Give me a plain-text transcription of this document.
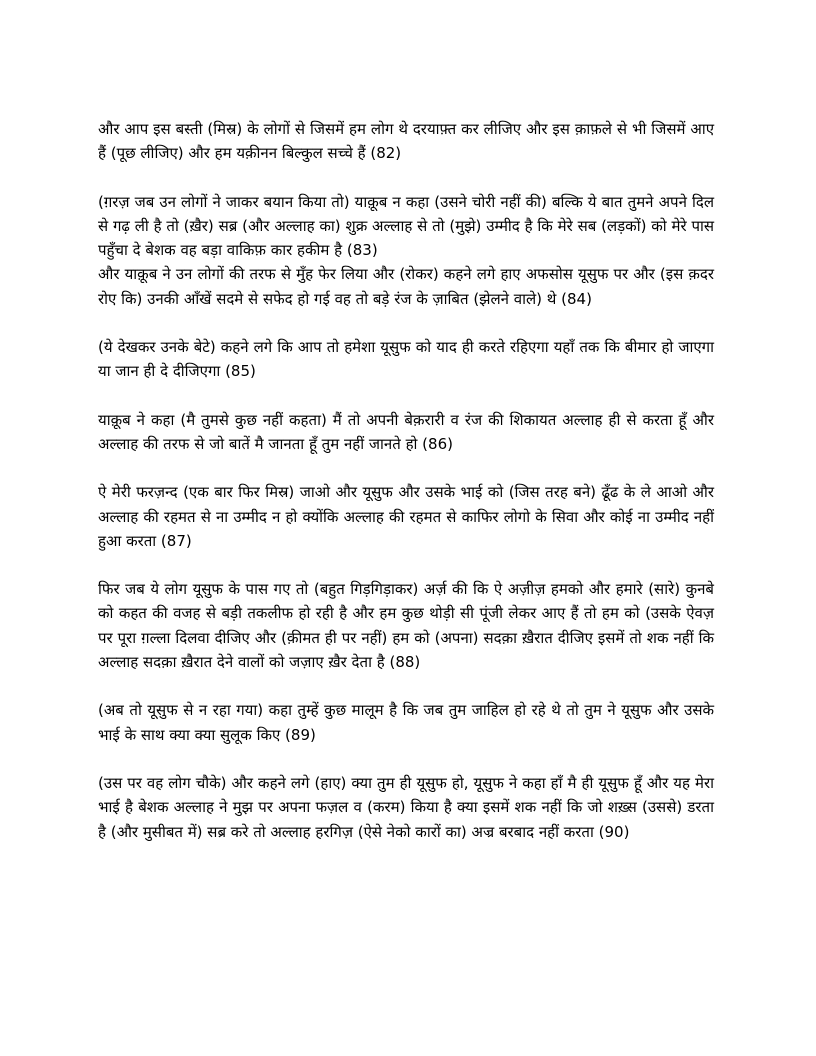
और आप इस बस्ती (मिस्र) के लोगों से जिसमें हम लोग थे दरयाफ़्त कर लीजिए और इस क़ाफ़ले से भी जिसमें आए हैं (पूछ लीजिए) और हम यक़ीनन बिल्कुल सच्चे हैं (82)

(ग़रज़ जब उन लोगों ने जाकर बयान किया तो) याक़ूब न कहा (उसने चोरी नहीं की) बल्कि ये बात तुमने अपने दिल से गढ़ ली है तो (ख़ैर) सब्र (और अल्लाह का) शुक्र अल्लाह से तो (मुझे) उम्मीद है कि मेरे सब (लड़कों) को मेरे पास पहुँचा दे बेशक वह बड़ा वाकिफ़ कार हकीम है (83)

और याक़ूब ने उन लोगों की तरफ से मुँह फेर लिया और (रोकर) कहने लगे हाए अफसोस यूसुफ पर और (इस क़दर रोए कि) उनकी आँखें सदमे से सफेद हो गई वह तो बड़े रंज के ज़ाबित (झेलने वाले) थे (84)

(ये देखकर उनके बेटे) कहने लगे कि आप तो हमेशा यूसुफ को याद ही करते रहिएगा यहाँ तक कि बीमार हो जाएगा या जान ही दे दीजिएगा (85)

याक़ूब ने कहा (मै तुमसे कुछ नहीं कहता) मैं तो अपनी बेक़रारी व रंज की शिकायत अल्लाह ही से करता हूँ और अल्लाह की तरफ से जो बातें मै जानता हूँ तुम नहीं जानते हो (86)

ऐ मेरी फरज़न्द (एक बार फिर मिस्र) जाओ और यूसुफ और उसके भाई को (जिस तरह बने) ढूँढ के ले आओ और अल्लाह की रहमत से ना उम्मीद न हो क्योंकि अल्लाह की रहमत से काफिर लोगो के सिवा और कोई ना उम्मीद नहीं हुआ करता (87)

फिर जब ये लोग यूसुफ के पास गए तो (बहुत गिड़गिड़ाकर) अर्ज़ की कि ऐ अज़ीज़ हमको और हमारे (सारे) कुनबे को कहत की वजह से बड़ी तकलीफ हो रही है और हम कुछ थोड़ी सी पूंजी लेकर आए हैं तो हम को (उसके ऐवज़ पर पूरा ग़ल्ला दिलवा दीजिए और (क़ीमत ही पर नहीं) हम को (अपना) सदक़ा ख़ैरात दीजिए इसमें तो शक नहीं कि अल्लाह सदक़ा ख़ैरात देने वालों को जज़ाए ख़ैर देता है (88)

(अब तो यूसुफ से न रहा गया) कहा तुम्हें कुछ मालूम है कि जब तुम जाहिल हो रहे थे तो तुम ने यूसुफ और उसके भाई के साथ क्या क्या सुलूक किए (89)

(उस पर वह लोग चौके) और कहने लगे (हाए) क्या तुम ही यूसुफ हो, यूसुफ ने कहा हाँ मै ही यूसुफ हूँ और यह मेरा भाई है बेशक अल्लाह ने मुझ पर अपना फज़ल व (करम) किया है क्या इसमें शक नहीं कि जो शख़्स (उससे) डरता है (और मुसीबत में) सब्र करे तो अल्लाह हरगिज़ (ऐसे नेको कारों का) अज्र बरबाद नहीं करता (90)
